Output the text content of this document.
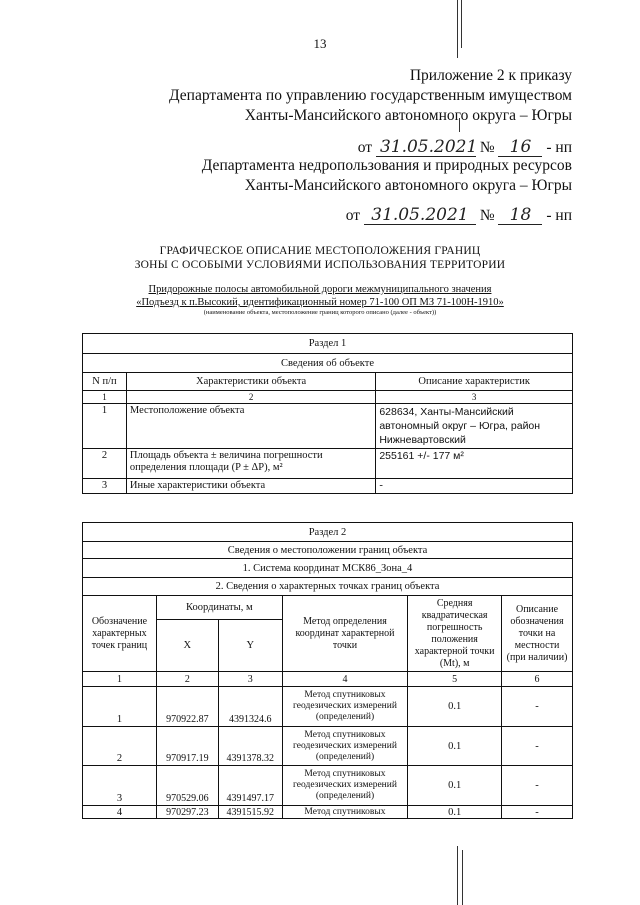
13
Приложение 2 к приказу
Департамента по управлению государственным имуществом
Ханты-Мансийского автономного округа – Югры
от 31.05.2021 № 16 - нп
Департамента недропользования и природных ресурсов
Ханты-Мансийского автономного округа – Югры
от 31.05.2021 № 18 - нп
ГРАФИЧЕСКОЕ ОПИСАНИЕ МЕСТОПОЛОЖЕНИЯ ГРАНИЦ
ЗОНЫ С ОСОБЫМИ УСЛОВИЯМИ ИСПОЛЬЗОВАНИЯ ТЕРРИТОРИИ
Придорожные полосы автомобильной дороги межмуниципального значения
«Подъезд к п.Высокий, идентификационный номер 71-100 ОП МЗ 71-100Н-1910»
(наименование объекта, местоположение границ которого описано (далее - объект))
Раздел 1		
Сведения об объекте		
N п/п	Характеристики объекта	Описание характеристик
1	2	3
1	Местоположение объекта	628634, Ханты-Мансийский автономный округ – Югра, район Нижневартовский
2	Площадь объекта ± величина погрешности определения площади (P ± ΔP), м²	255161 +/- 177 м²
3	Иные характеристики объекта	-
Раздел 2					
Сведения о местоположении границ объекта					
1. Система координат МСК86_Зона_4					
2. Сведения о характерных точках границ объекта					
Обозначение характерных точек границ	Координаты, м		Метод определения координат характерной точки	Средняя квадратическая погрешность положения характерной точки (Mt), м	Описание обозначения точки на местности (при наличии)
	X	Y			
1	2	3	4	5	6
1	970922.87	4391324.6	Метод спутниковых геодезических измерений (определений)	0.1	-
2	970917.19	4391378.32	Метод спутниковых геодезических измерений (определений)	0.1	-
3	970529.06	4391497.17	Метод спутниковых геодезических измерений (определений)	0.1	-
4	970297.23	4391515.92	Метод спутниковых	0.1	-
